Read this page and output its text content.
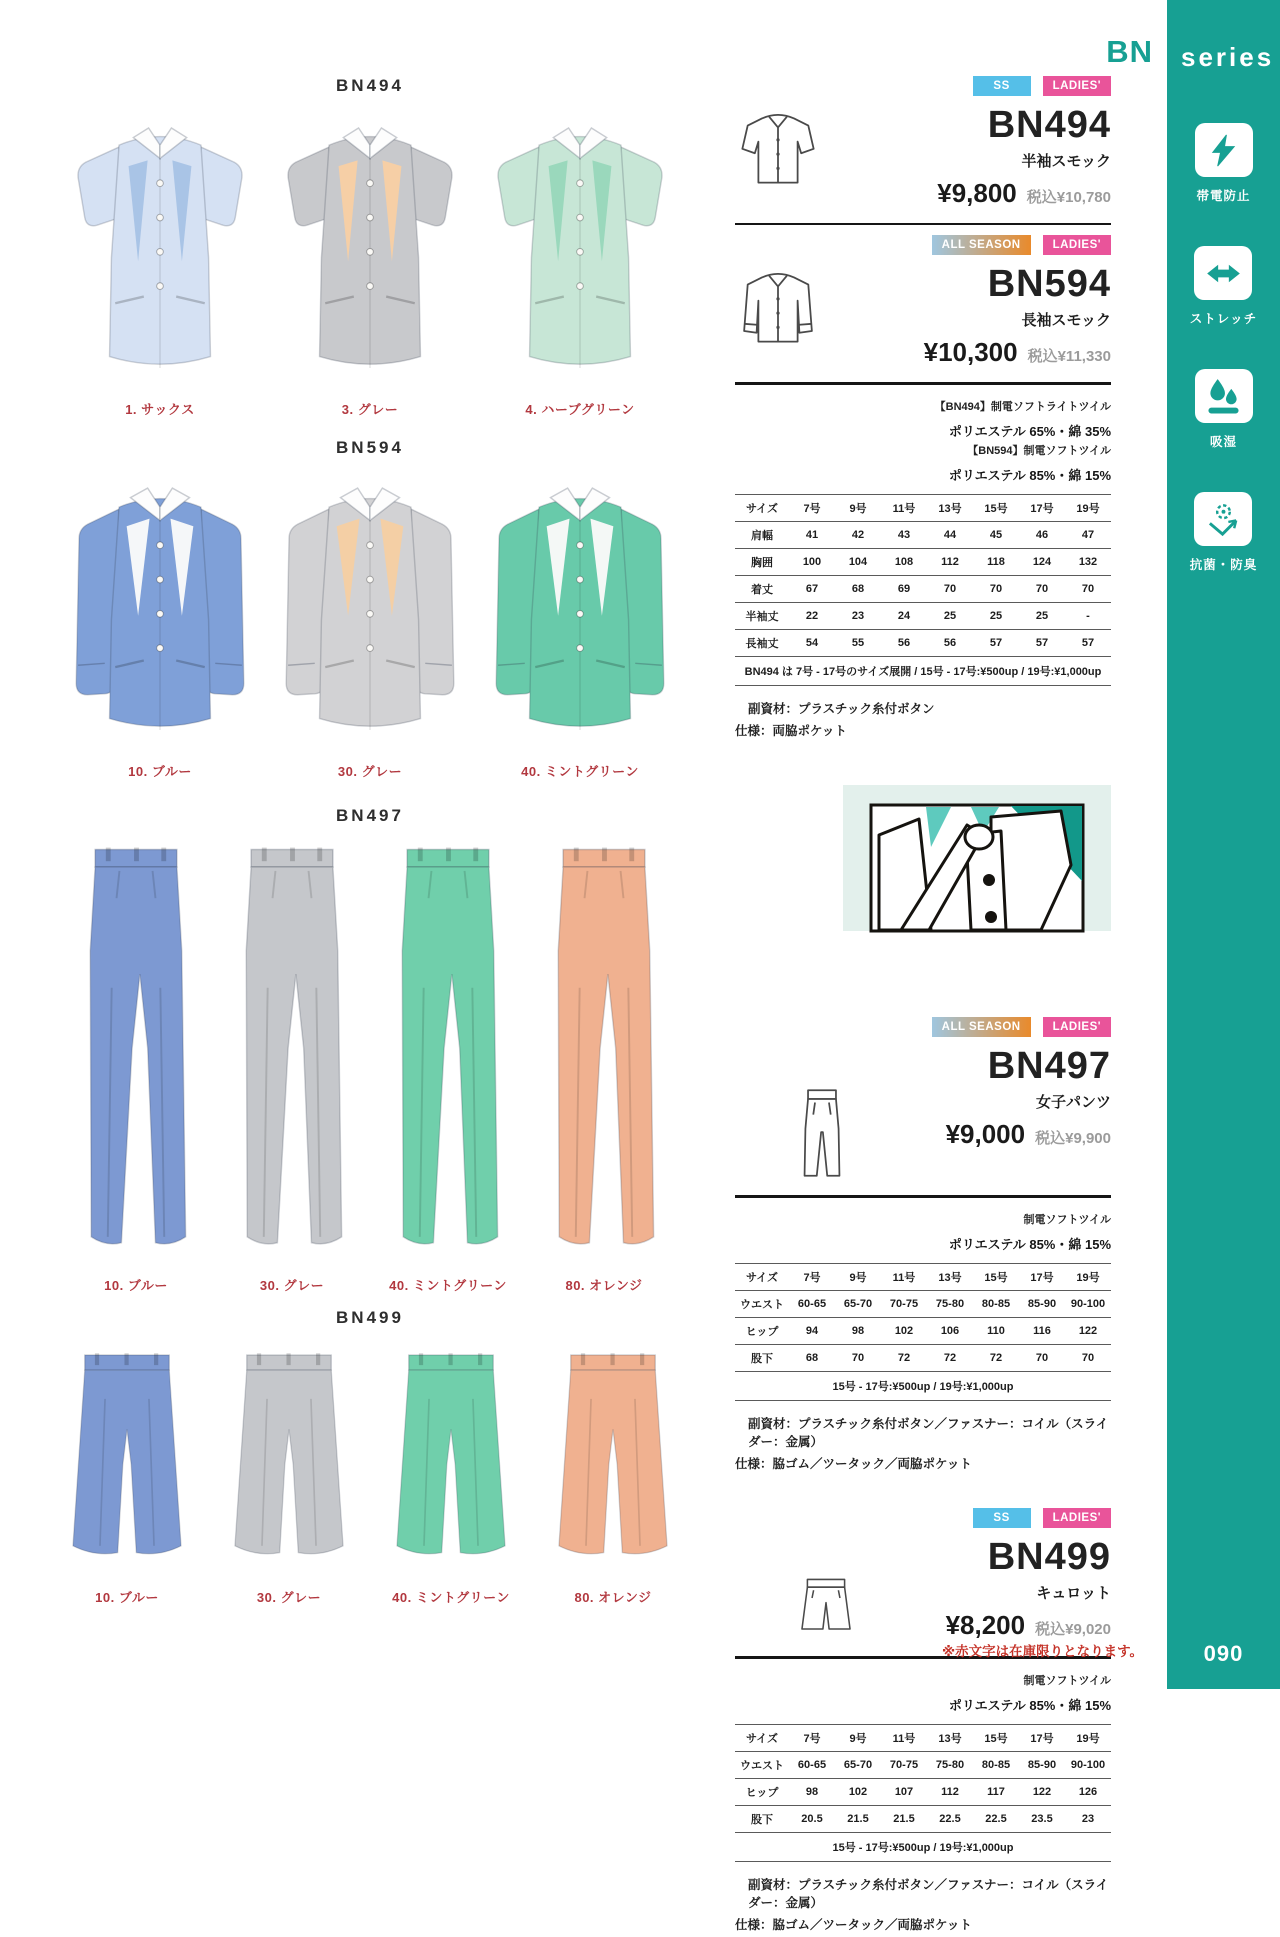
BN494
1. サックス	3. グレー	4. ハーブグリーン
BN594
10. ブルー	30. グレー	40. ミントグリーン
BN497
10. ブルー	30. グレー	40. ミントグリーン	80. オレンジ
BN499
10. ブルー	30. グレー	40. ミントグリーン	80. オレンジ
SS	LADIES'
BN494
半袖スモック
¥9,800 税込¥10,780
ALL SEASON	LADIES'
BN594
長袖スモック
¥10,300 税込¥11,330
【BN494】制電ソフトライトツイル
ポリエステル 65%・綿 35%
【BN594】制電ソフトツイル
ポリエステル 85%・綿 15%
サイズ	7号	9号	11号	13号	15号	17号	19号
肩幅	41	42	43	44	45	46	47
胸囲	100	104	108	112	118	124	132
着丈	67	68	69	70	70	70	70
半袖丈	22	23	24	25	25	25	-
長袖丈	54	55	56	56	57	57	57
BN494 は 7号 - 17号のサイズ展開 / 15号 - 17号:¥500up / 19号:¥1,000up							
副資材：プラスチック糸付ボタン
仕様：両脇ポケット
ALL SEASON	LADIES'
BN497
女子パンツ
¥9,000 税込¥9,900
制電ソフトツイル
ポリエステル 85%・綿 15%
サイズ	7号	9号	11号	13号	15号	17号	19号
ウエスト	60-65	65-70	70-75	75-80	80-85	85-90	90-100
ヒップ	94	98	102	106	110	116	122
股下	68	70	72	72	72	70	70
15号 - 17号:¥500up / 19号:¥1,000up							
副資材：プラスチック糸付ボタン／ファスナー：コイル（スライダー：金属）
仕様：脇ゴム／ツータック／両脇ポケット
SS	LADIES'
BN499
キュロット
¥8,200 税込¥9,020
制電ソフトツイル
ポリエステル 85%・綿 15%
サイズ	7号	9号	11号	13号	15号	17号	19号
ウエスト	60-65	65-70	70-75	75-80	80-85	85-90	90-100
ヒップ	98	102	107	112	117	122	126
股下	20.5	21.5	21.5	22.5	22.5	23.5	23
15号 - 17号:¥500up / 19号:¥1,000up							
副資材：プラスチック糸付ボタン／ファスナー：コイル（スライダー：金属）
仕様：脇ゴム／ツータック／両脇ポケット
※赤文字は在庫限りとなります。
BN	series
帯電防止
ストレッチ
吸湿
抗菌・防臭
090
